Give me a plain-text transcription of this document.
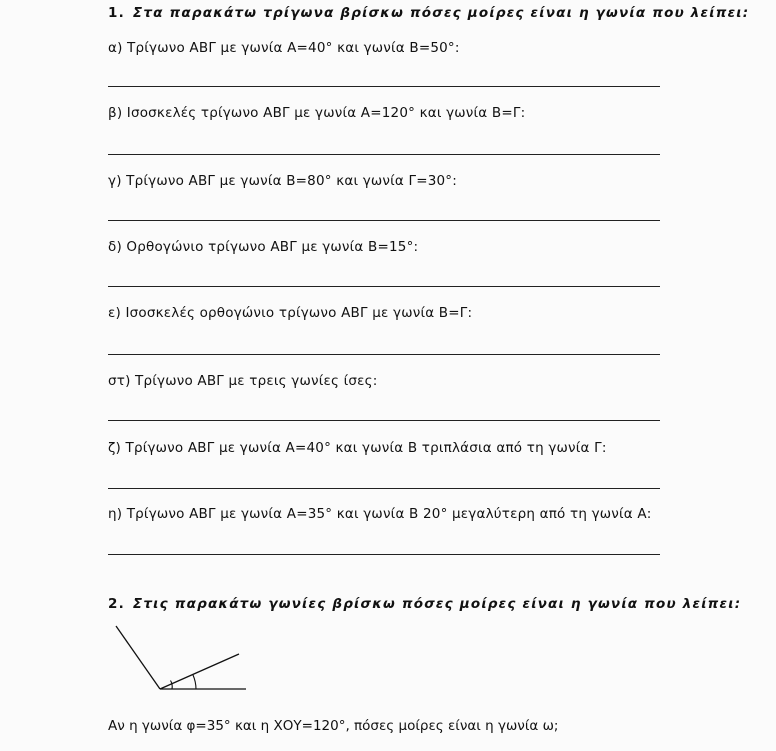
1. Στα παρακάτω τρίγωνα βρίσκω πόσες μοίρες είναι η γωνία που λείπει:
α) Τρίγωνο ΑΒΓ με γωνία Α=40° και γωνία Β=50°:
β) Ισοσκελές τρίγωνο ΑΒΓ με γωνία Α=120° και γωνία Β=Γ:
γ) Τρίγωνο ΑΒΓ με γωνία Β=80° και γωνία Γ=30°:
δ) Ορθογώνιο τρίγωνο ΑΒΓ με γωνία Β=15°:
ε) Ισοσκελές ορθογώνιο τρίγωνο ΑΒΓ με γωνία Β=Γ:
στ) Τρίγωνο ΑΒΓ με τρεις γωνίες ίσες:
ζ) Τρίγωνο ΑΒΓ με γωνία Α=40° και γωνία Β τριπλάσια από τη γωνία Γ:
η) Τρίγωνο ΑΒΓ με γωνία Α=35° και γωνία Β 20° μεγαλύτερη από τη γωνία Α:
2. Στις παρακάτω γωνίες βρίσκω πόσες μοίρες είναι η γωνία που λείπει:
Αν η γωνία φ=35° και η ΧΟΥ=120°, πόσες μοίρες είναι η γωνία ω;
